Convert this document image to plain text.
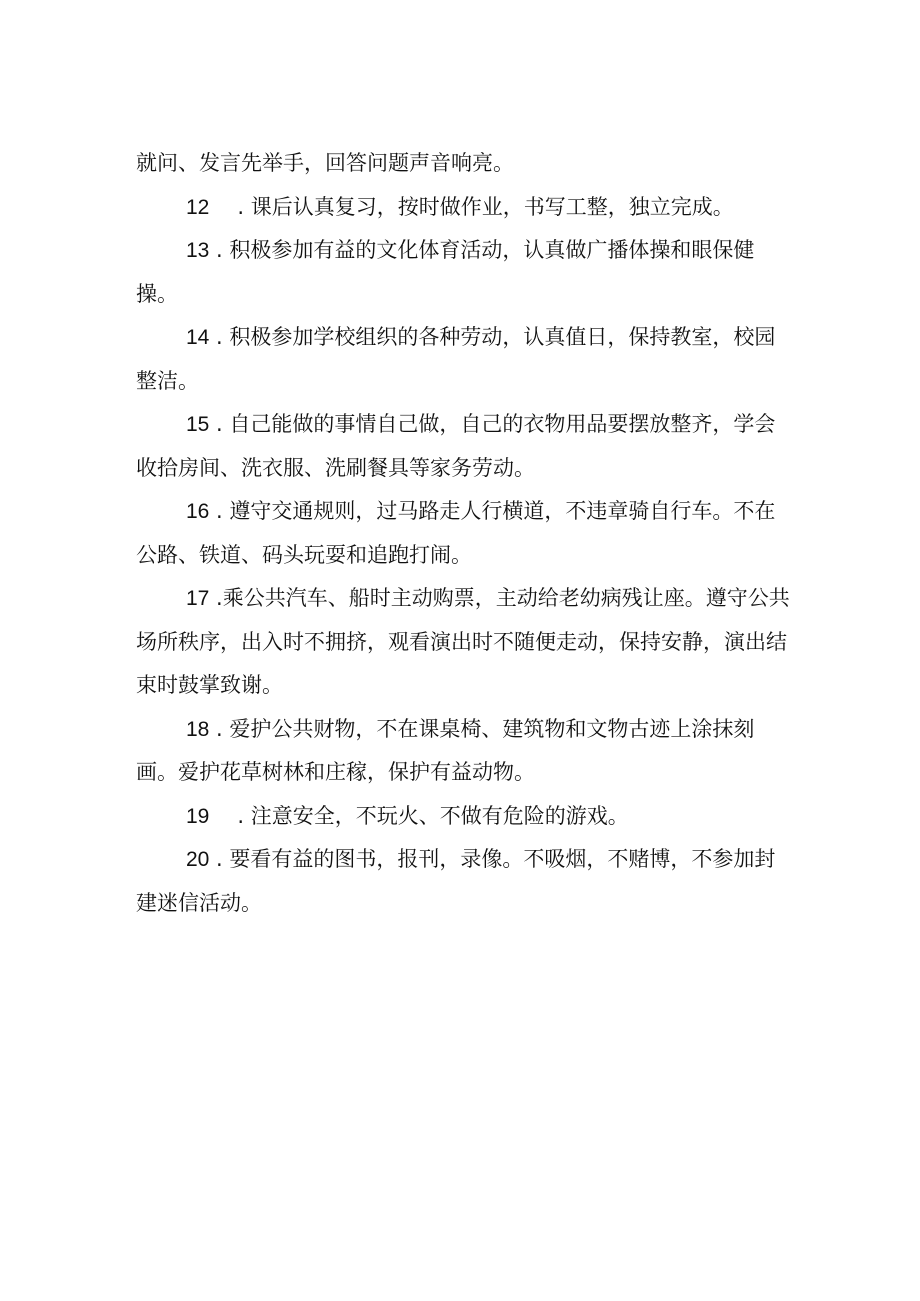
就问、发言先举手，回答问题声音响亮。

12 . 课后认真复习，按时做作业，书写工整，独立完成。

13 . 积极参加有益的文化体育活动，认真做广播体操和眼保健操。

14 . 积极参加学校组织的各种劳动，认真值日，保持教室，校园整洁。

15 . 自己能做的事情自己做，自己的衣物用品要摆放整齐，学会收拾房间、洗衣服、洗刷餐具等家务劳动。

16 . 遵守交通规则，过马路走人行横道，不违章骑自行车。不在公路、铁道、码头玩耍和追跑打闹。

17 .乘公共汽车、船时主动购票，主动给老幼病残让座。遵守公共场所秩序，出入时不拥挤，观看演出时不随便走动，保持安静，演出结束时鼓掌致谢。

18 . 爱护公共财物，不在课桌椅、建筑物和文物古迹上涂抹刻画。爱护花草树林和庄稼，保护有益动物。

19 . 注意安全，不玩火、不做有危险的游戏。

20 . 要看有益的图书，报刊，录像。不吸烟，不赌博，不参加封建迷信活动。
